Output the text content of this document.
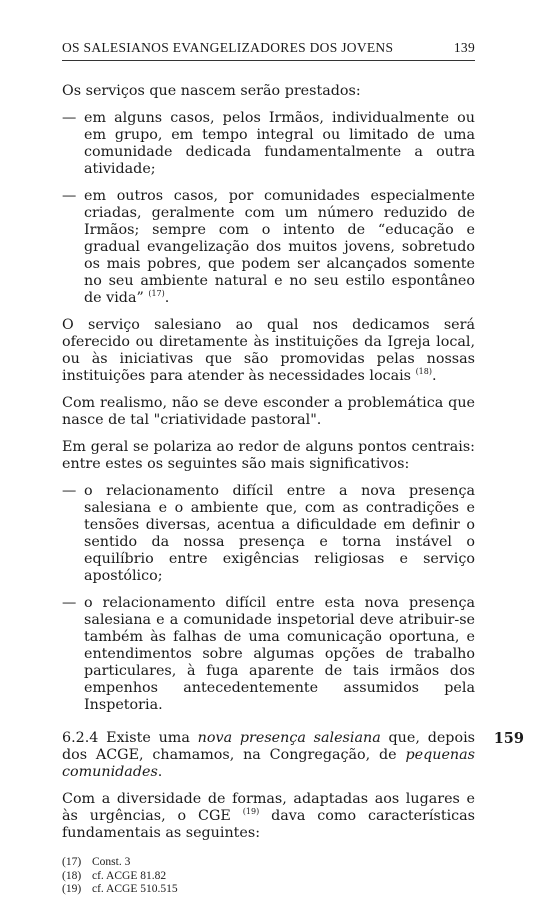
OS SALESIANOS EVANGELIZADORES DOS JOVENS	139

Os serviços que nascem serão prestados:

— em alguns casos, pelos Irmãos, individualmente ou em grupo, em tempo integral ou limitado de uma comunidade dedicada fundamentalmente a outra atividade;
— em outros casos, por comunidades especialmente criadas, geralmente com um número reduzido de Irmãos; sempre com o intento de “educação e gradual evangelização dos muitos jovens, sobretudo os mais pobres, que podem ser alcançados somente no seu ambiente natural e no seu estilo espontâneo de vida” $^{(17)}$.

O serviço salesiano ao qual nos dedicamos será oferecido ou diretamente às instituições da Igreja local, ou às iniciativas que são promovidas pelas nossas instituições para atender às necessidades locais $^{(18)}$.

Com realismo, não se deve esconder a problemática que nasce de tal "criatividade pastoral".

Em geral se polariza ao redor de alguns pontos centrais: entre estes os seguintes são mais significativos:

— o relacionamento difícil entre a nova presença salesiana e o ambiente que, com as contradições e tensões diversas, acentua a dificuldade em definir o sentido da nossa presença e torna instável o equilíbrio entre exigências religiosas e serviço apostólico;
— o relacionamento difícil entre esta nova presença salesiana e a comunidade inspetorial deve atribuir-se também às falhas de uma comunicação oportuna, e entendimentos sobre algumas opções de trabalho particulares, à fuga aparente de tais irmãos dos empenhos antecedentemente assumidos pela Inspetoria.

6.2.4 Existe uma nova presença salesiana que, depois dos ACGE, chamamos, na Congregação, de pequenas comunidades.
159

Com a diversidade de formas, adaptadas aos lugares e às urgências, o CGE $^{(19)}$ dava como características fundamentais as seguintes:

(17) Const. 3
(18) cf. ACGE 81.82
(19) cf. ACGE 510.515
